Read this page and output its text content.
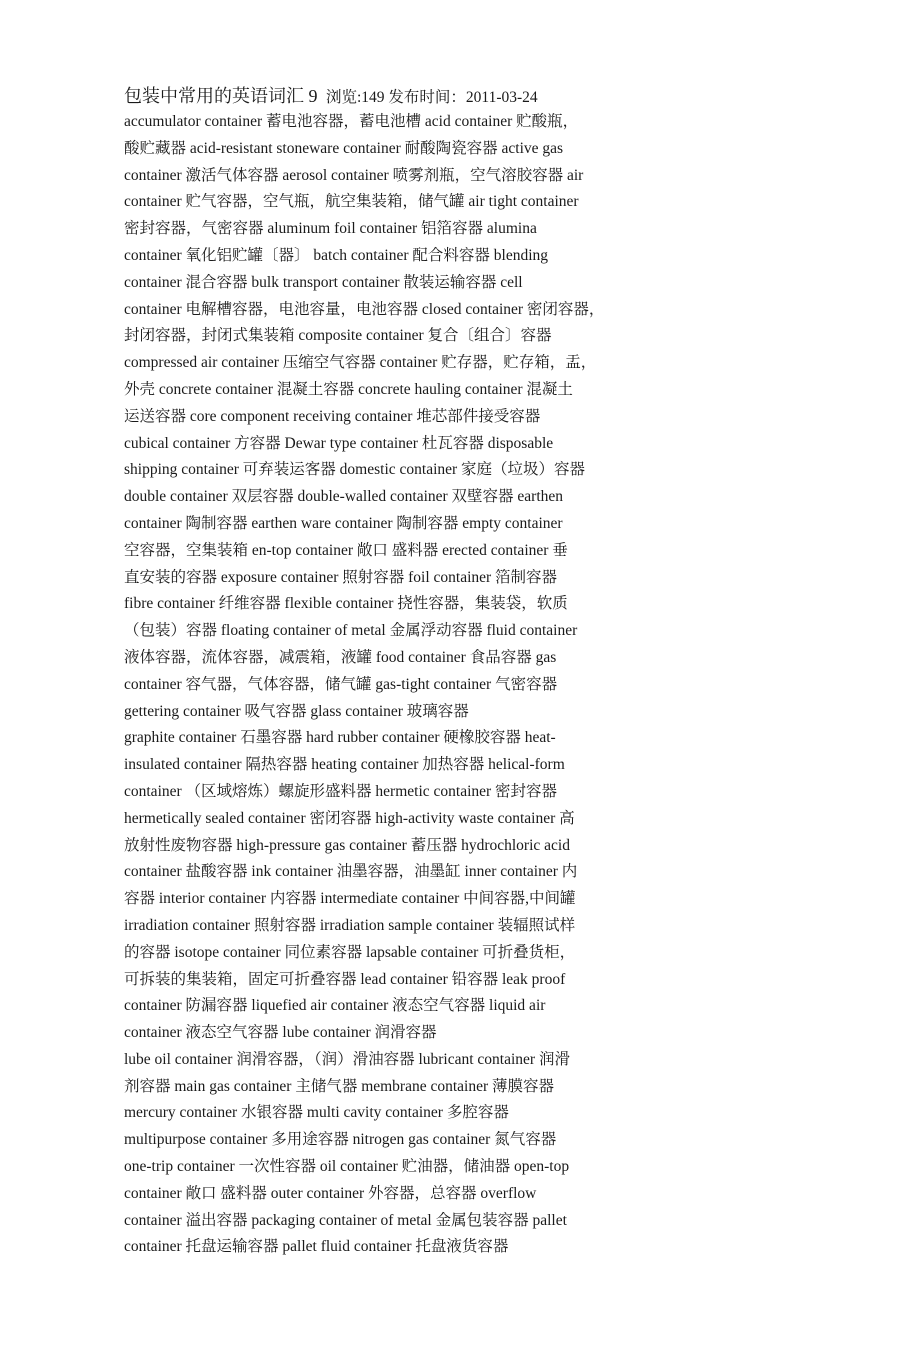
包装中常用的英语词汇 9 浏览:149 发布时间：2011-03-24
accumulator container 蓄电池容器，蓄电池槽 acid container 贮酸瓶，
酸贮藏器 acid-resistant stoneware container 耐酸陶瓷容器 active gas
container 激活气体容器 aerosol container 喷雾剂瓶，空气溶胶容器 air
container 贮气容器，空气瓶，航空集装箱，储气罐 air tight container
密封容器，气密容器 aluminum foil container 铝箔容器 alumina
container 氧化铝贮罐〔器〕 batch container 配合料容器 blending
container 混合容器 bulk transport container 散装运输容器 cell
container 电解槽容器，电池容量，电池容器 closed container 密闭容器，
封闭容器，封闭式集装箱 composite container 复合〔组合〕容器
compressed air container 压缩空气容器 container 贮存器，贮存箱，盂，
外壳 concrete container 混凝土容器 concrete hauling container 混凝土
运送容器 core component receiving container 堆芯部件接受容器
cubical container 方容器 Dewar type container 杜瓦容器 disposable
shipping container 可弃装运客器 domestic container 家庭（垃圾）容器
double container 双层容器 double-walled container 双壁容器 earthen
container 陶制容器 earthen ware container 陶制容器 empty container
空容器，空集装箱 en-top container 敞口 盛料器 erected container 垂
直安装的容器 exposure container 照射容器 foil container 箔制容器
fibre container 纤维容器 flexible container 挠性容器，集装袋，软质
（包装）容器 floating container of metal 金属浮动容器 fluid container
液体容器，流体容器，减震箱，液罐 food container 食品容器 gas
container 容气器，气体容器，储气罐 gas-tight container 气密容器
gettering container 吸气容器 glass container 玻璃容器
graphite container 石墨容器 hard rubber container 硬橡胶容器 heat-
insulated container 隔热容器 heating container 加热容器 helical-form
container （区域熔炼）螺旋形盛料器 hermetic container 密封容器
hermetically sealed container 密闭容器 high-activity waste container 高
放射性废物容器 high-pressure gas container 蓄压器 hydrochloric acid
container 盐酸容器 ink container 油墨容器，油墨缸 inner container 内
容器 interior container 内容器 intermediate container 中间容器,中间罐
irradiation container 照射容器 irradiation sample container 装辐照试样
的容器 isotope container 同位素容器 lapsable container 可折叠货柜，
可拆装的集装箱，固定可折叠容器 lead container 铅容器 leak proof
container 防漏容器 liquefied air container 液态空气容器 liquid air
container 液态空气容器 lube container 润滑容器
lube oil container 润滑容器，（润）滑油容器 lubricant container 润滑
剂容器 main gas container 主储气器 membrane container 薄膜容器
mercury container 水银容器 multi cavity container 多腔容器
multipurpose container 多用途容器 nitrogen gas container 氮气容器
one-trip container 一次性容器 oil container 贮油器，储油器 open-top
container 敞口 盛料器 outer container 外容器，总容器 overflow
container 溢出容器 packaging container of metal 金属包装容器 pallet
container 托盘运输容器 pallet fluid container 托盘液货容器
